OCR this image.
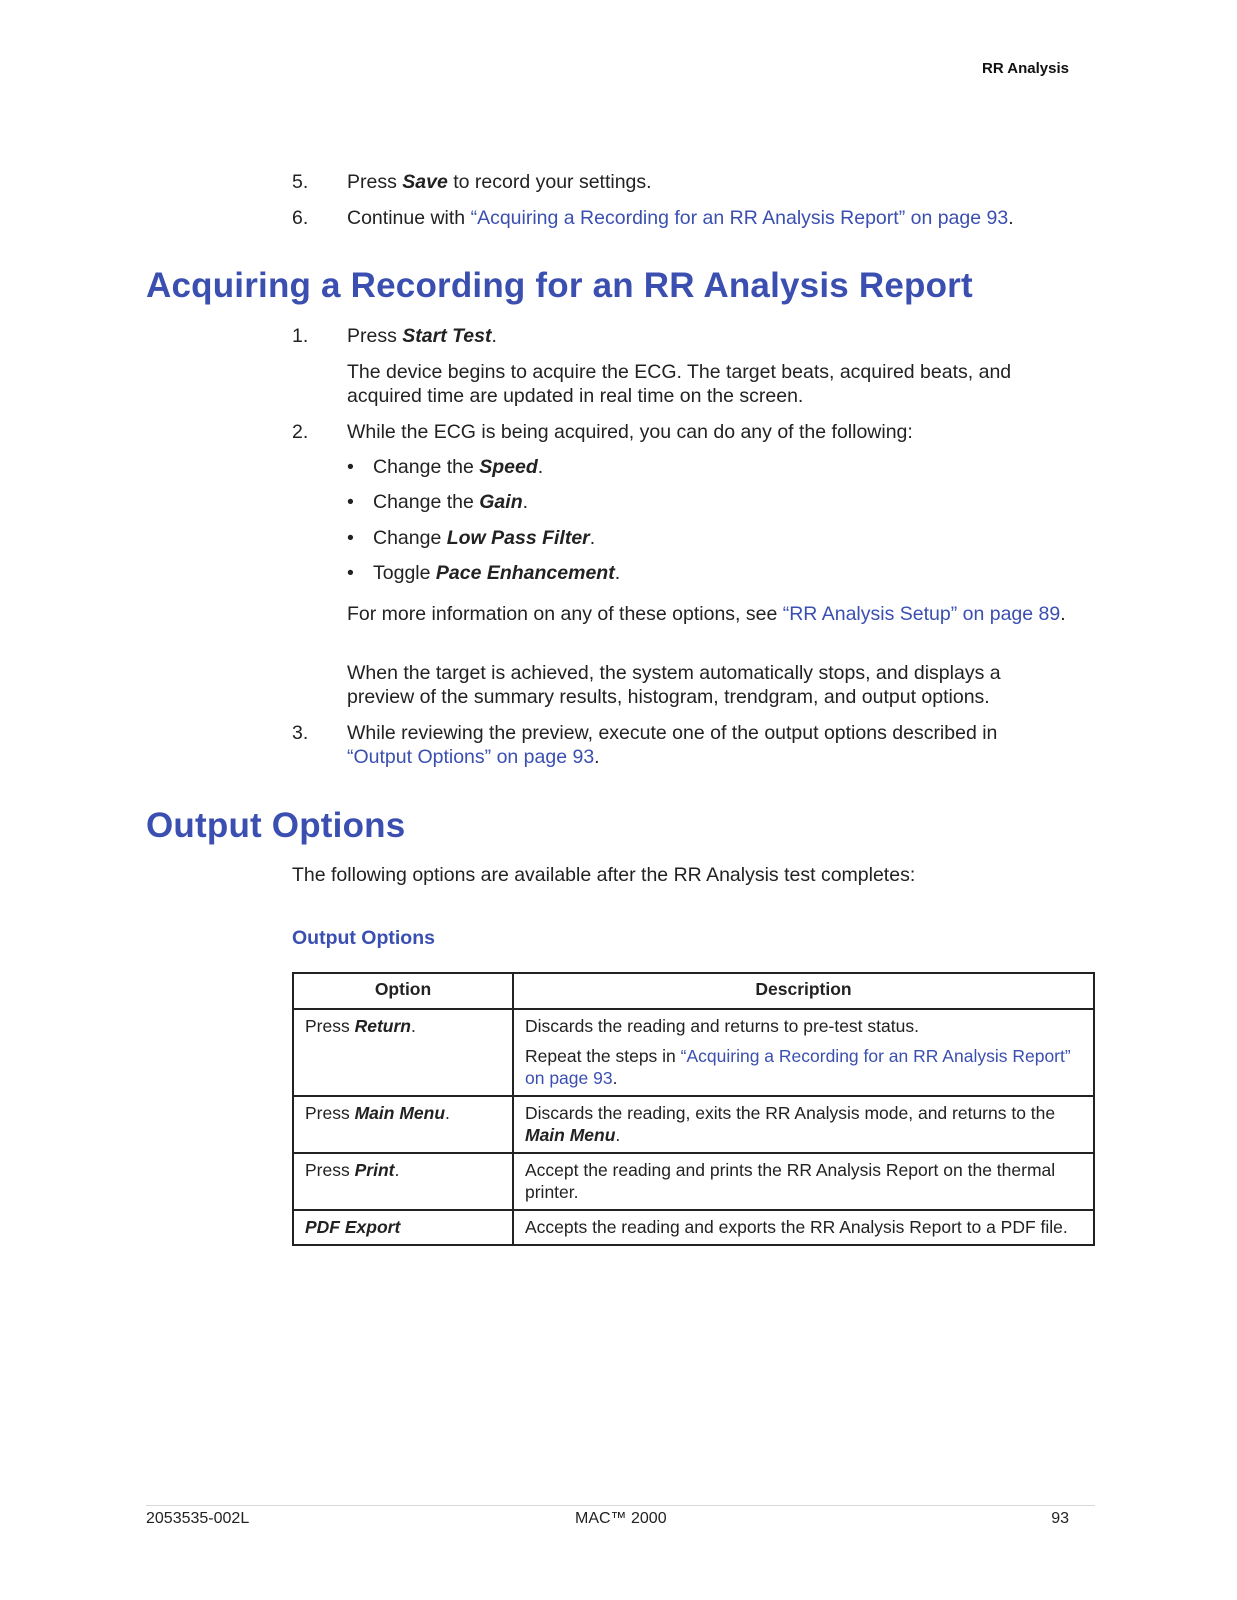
RR Analysis
5.	Press Save to record your settings.
6.	Continue with “Acquiring a Recording for an RR Analysis Report” on page 93.
Acquiring a Recording for an RR Analysis Report
1.	Press Start Test.
The device begins to acquire the ECG. The target beats, acquired beats, and acquired time are updated in real time on the screen.
2.	While the ECG is being acquired, you can do any of the following:
• Change the Speed.
• Change the Gain.
• Change Low Pass Filter.
• Toggle Pace Enhancement.
For more information on any of these options, see “RR Analysis Setup” on page 89.
When the target is achieved, the system automatically stops, and displays a preview of the summary results, histogram, trendgram, and output options.
3.	While reviewing the preview, execute one of the output options described in “Output Options” on page 93.
Output Options
The following options are available after the RR Analysis test completes:
Output Options
Option	Description
Press Return.	Discards the reading and returns to pre-test status.

Repeat the steps in “Acquiring a Recording for an RR Analysis Report” on page 93.

Press Main Menu.	Discards the reading, exits the RR Analysis mode, and returns to the Main Menu.
Press Print.	Accept the reading and prints the RR Analysis Report on the thermal printer.
PDF Export	Accepts the reading and exports the RR Analysis Report to a PDF file.
2053535-002L	MAC™ 2000	93
